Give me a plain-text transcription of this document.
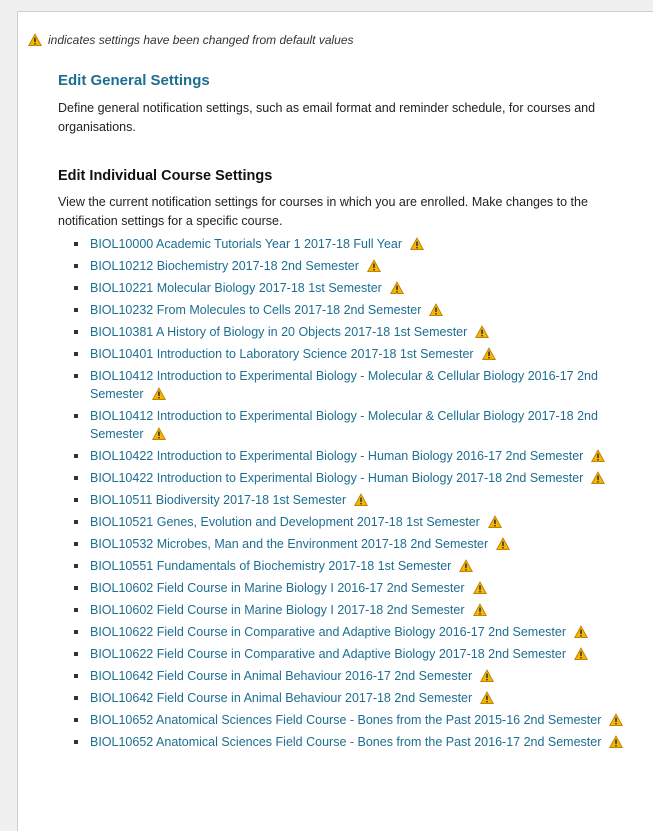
indicates settings have been changed from default values
Edit General Settings
Define general notification settings, such as email format and reminder schedule, for courses and organisations.
Edit Individual Course Settings
View the current notification settings for courses in which you are enrolled. Make changes to the notification settings for a specific course.
BIOL10000 Academic Tutorials Year 1 2017-18 Full Year
BIOL10212 Biochemistry 2017-18 2nd Semester
BIOL10221 Molecular Biology 2017-18 1st Semester
BIOL10232 From Molecules to Cells 2017-18 2nd Semester
BIOL10381 A History of Biology in 20 Objects 2017-18 1st Semester
BIOL10401 Introduction to Laboratory Science 2017-18 1st Semester
BIOL10412 Introduction to Experimental Biology - Molecular & Cellular Biology 2016-17 2nd Semester
BIOL10412 Introduction to Experimental Biology - Molecular & Cellular Biology 2017-18 2nd Semester
BIOL10422 Introduction to Experimental Biology - Human Biology 2016-17 2nd Semester
BIOL10422 Introduction to Experimental Biology - Human Biology 2017-18 2nd Semester
BIOL10511 Biodiversity 2017-18 1st Semester
BIOL10521 Genes, Evolution and Development 2017-18 1st Semester
BIOL10532 Microbes, Man and the Environment 2017-18 2nd Semester
BIOL10551 Fundamentals of Biochemistry 2017-18 1st Semester
BIOL10602 Field Course in Marine Biology I 2016-17 2nd Semester
BIOL10602 Field Course in Marine Biology I 2017-18 2nd Semester
BIOL10622 Field Course in Comparative and Adaptive Biology 2016-17 2nd Semester
BIOL10622 Field Course in Comparative and Adaptive Biology 2017-18 2nd Semester
BIOL10642 Field Course in Animal Behaviour 2016-17 2nd Semester
BIOL10642 Field Course in Animal Behaviour 2017-18 2nd Semester
BIOL10652 Anatomical Sciences Field Course - Bones from the Past 2015-16 2nd Semester
BIOL10652 Anatomical Sciences Field Course - Bones from the Past 2016-17 2nd Semester
